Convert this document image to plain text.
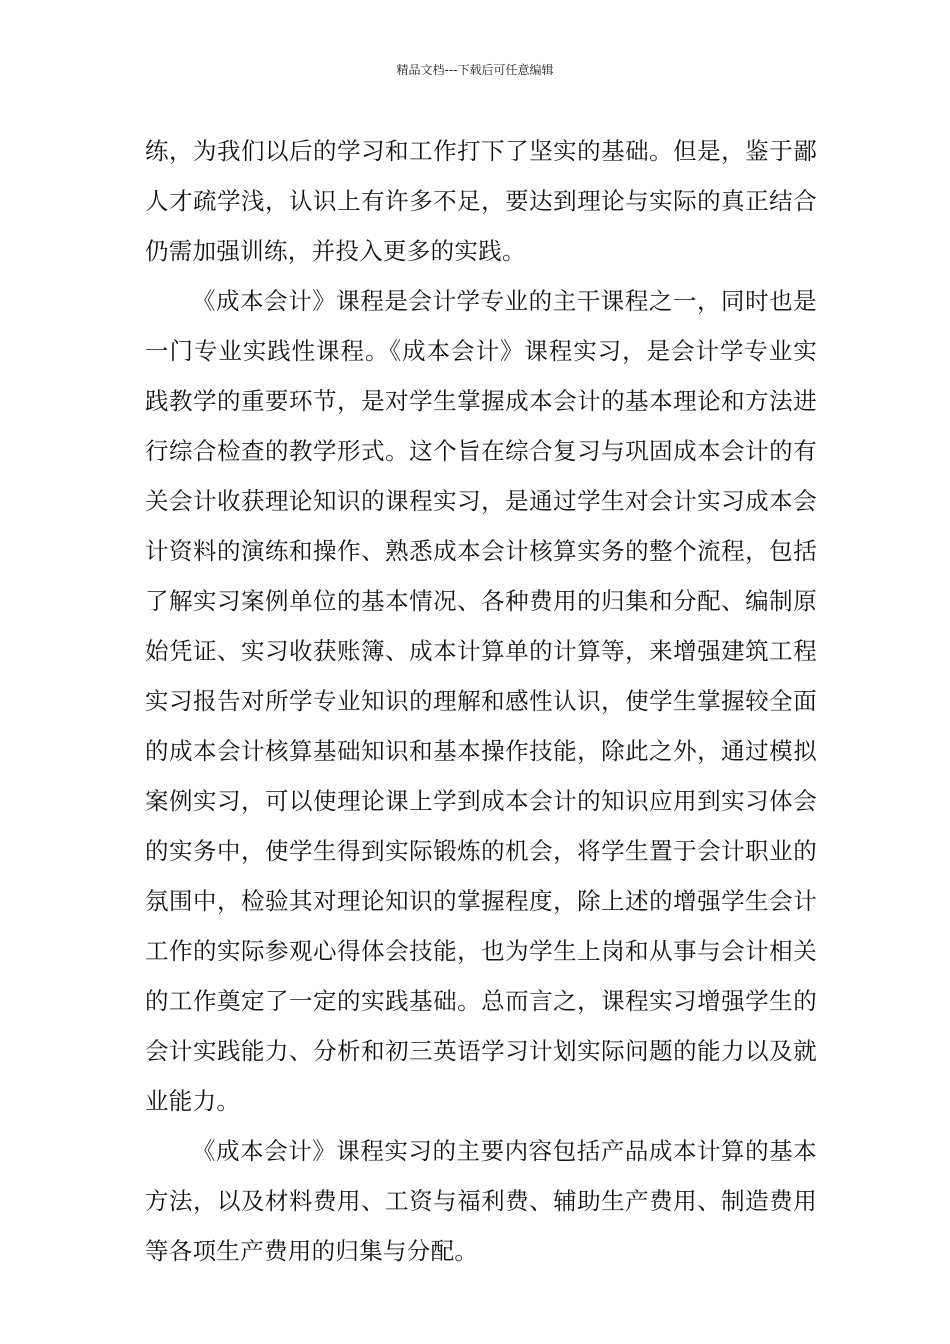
精品文档---下载后可任意编辑

练，为我们以后的学习和工作打下了坚实的基础。但是，鉴于鄙人才疏学浅，认识上有许多不足，要达到理论与实际的真正结合仍需加强训练，并投入更多的实践。

《成本会计》课程是会计学专业的主干课程之一，同时也是一门专业实践性课程。《成本会计》课程实习，是会计学专业实践教学的重要环节，是对学生掌握成本会计的基本理论和方法进行综合检查的教学形式。这个旨在综合复习与巩固成本会计的有关会计收获理论知识的课程实习，是通过学生对会计实习成本会计资料的演练和操作、熟悉成本会计核算实务的整个流程，包括了解实习案例单位的基本情况、各种费用的归集和分配、编制原始凭证、实习收获账簿、成本计算单的计算等，来增强建筑工程实习报告对所学专业知识的理解和感性认识，使学生掌握较全面的成本会计核算基础知识和基本操作技能，除此之外，通过模拟案例实习，可以使理论课上学到成本会计的知识应用到实习体会的实务中，使学生得到实际锻炼的机会，将学生置于会计职业的氛围中，检验其对理论知识的掌握程度，除上述的增强学生会计工作的实际参观心得体会技能，也为学生上岗和从事与会计相关的工作奠定了一定的实践基础。总而言之，课程实习增强学生的会计实践能力、分析和初三英语学习计划实际问题的能力以及就业能力。

《成本会计》课程实习的主要内容包括产品成本计算的基本方法，以及材料费用、工资与福利费、辅助生产费用、制造费用等各项生产费用的归集与分配。
